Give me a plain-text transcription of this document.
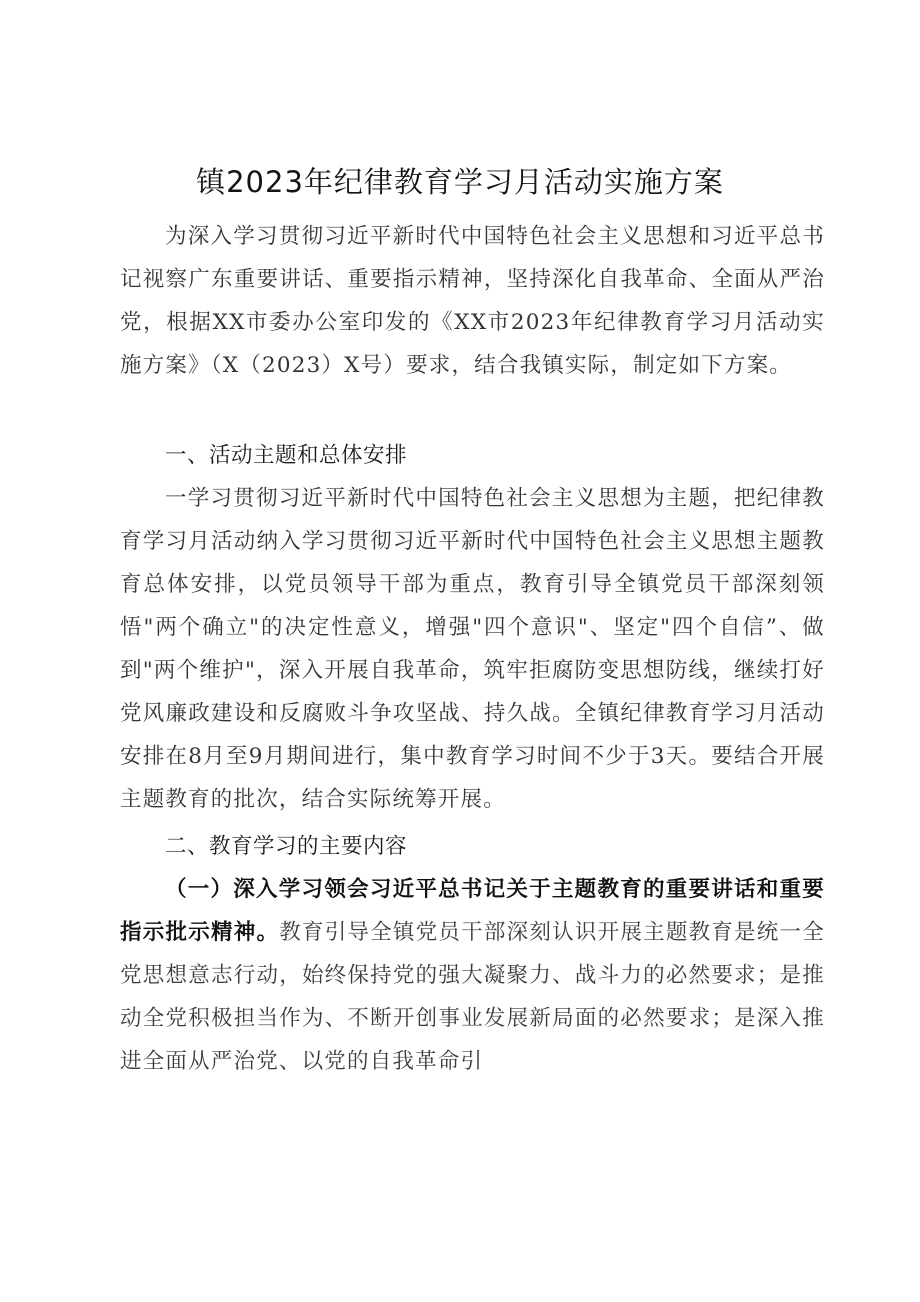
镇2023年纪律教育学习月活动实施方案

为深入学习贯彻习近平新时代中国特色社会主义思想和习近平总书记视察广东重要讲话、重要指示精神，坚持深化自我革命、全面从严治党，根据XX市委办公室印发的《XX市2023年纪律教育学习月活动实施方案》（X（2023）X号）要求，结合我镇实际，制定如下方案。

一、活动主题和总体安排

一学习贯彻习近平新时代中国特色社会主义思想为主题，把纪律教育学习月活动纳入学习贯彻习近平新时代中国特色社会主义思想主题教育总体安排，以党员领导干部为重点，教育引导全镇党员干部深刻领悟"两个确立"的决定性意义，增强"四个意识"、坚定"四个自信”、做到"两个维护"，深入开展自我革命，筑牢拒腐防变思想防线，继续打好党风廉政建设和反腐败斗争攻坚战、持久战。全镇纪律教育学习月活动安排在8月至9月期间进行，集中教育学习时间不少于3天。要结合开展主题教育的批次，结合实际统筹开展。

二、教育学习的主要内容

（一）深入学习领会习近平总书记关于主题教育的重要讲话和重要指示批示精神。教育引导全镇党员干部深刻认识开展主题教育是统一全党思想意志行动，始终保持党的强大凝聚力、战斗力的必然要求；是推动全党积极担当作为、不断开创事业发展新局面的必然要求；是深入推进全面从严治党、以党的自我革命引
